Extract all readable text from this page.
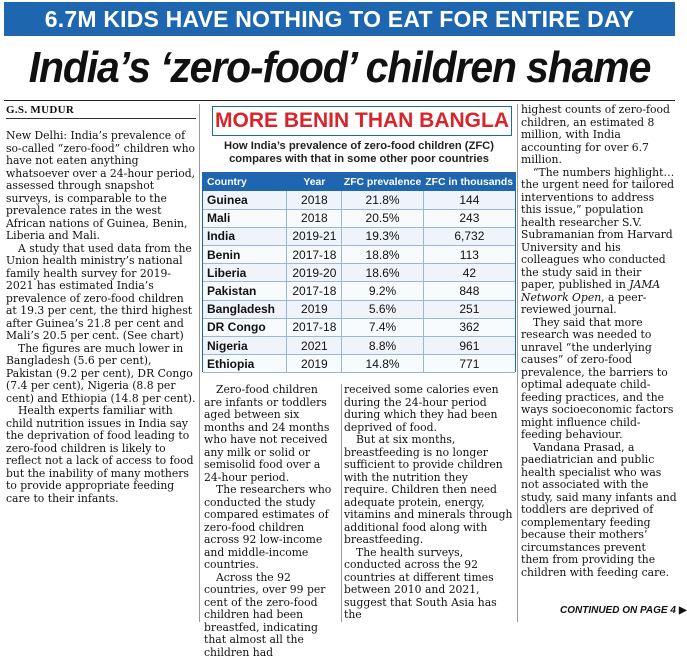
6.7M KIDS HAVE NOTHING TO EAT FOR ENTIRE DAY
India’s ‘zero-food’ children shame
G.S. MUDUR

New Delhi: India’s prevalence of so-called “zero-food” children who have not eaten anything whatsoever over a 24-hour period, assessed through snapshot surveys, is comparable to the prevalence rates in the west African nations of Guinea, Benin, Liberia and Mali.

A study that used data from the Union health ministry’s national family health survey for 2019-2021 has estimated India’s prevalence of zero-food children at 19.3 per cent, the third highest after Guinea’s 21.8 per cent and Mali’s 20.5 per cent. (See chart)

The figures are much lower in Bangladesh (5.6 per cent), Pakistan (9.2 per cent), DR Congo (7.4 per cent), Nigeria (8.8 per cent) and Ethiopia (14.8 per cent).

Health experts familiar with child nutrition issues in India say the deprivation of food leading to zero-food children is likely to reflect not a lack of access to food but the inability of many mothers to provide appropriate feeding care to their infants.

MORE BENIN THAN BANGLA
How India’s prevalence of zero-food children (ZFC) compares with that in some other poor countries
Country	Year	ZFC prevalence	ZFC in thousands
Guinea	2018	21.8%	144
Mali	2018	20.5%	243
India	2019-21	19.3%	6,732
Benin	2017-18	18.8%	113
Liberia	2019-20	18.6%	42
Pakistan	2017-18	9.2%	848
Bangladesh	2019	5.6%	251
DR Congo	2017-18	7.4%	362
Nigeria	2021	8.8%	961
Ethiopia	2019	14.8%	771

Zero-food children are infants or toddlers aged between six months and 24 months who have not received any milk or solid or semisolid food over a 24-hour period.

The researchers who conducted the study compared estimates of zero-food children across 92 low-income and middle-income countries.

Across the 92 countries, over 99 per cent of the zero-food children had been breastfed, indicating that almost all the children had

received some calories even during the 24-hour period during which they had been deprived of food.

But at six months, breastfeeding is no longer sufficient to provide children with the nutrition they require. Children then need adequate protein, energy, vitamins and minerals through additional food along with breastfeeding.

The health surveys, conducted across the 92 countries at different times between 2010 and 2021, suggest that South Asia has the

highest counts of zero-food children, an estimated 8 million, with India accounting for over 6.7 million.

“The numbers highlight… the urgent need for tailored interventions to address this issue,” population health researcher S.V. Subramanian from Harvard University and his colleagues who conducted the study said in their paper, published in JAMA Network Open, a peer-reviewed journal.

They said that more research was needed to unravel “the underlying causes” of zero-food prevalence, the barriers to optimal adequate child-feeding practices, and the ways socioeconomic factors might influence child-feeding behaviour.

Vandana Prasad, a paediatrician and public health specialist who was not associated with the study, said many infants and toddlers are deprived of complementary feeding because their mothers’ circumstances prevent them from providing the children with feeding care.

CONTINUED ON PAGE 4 ▶
